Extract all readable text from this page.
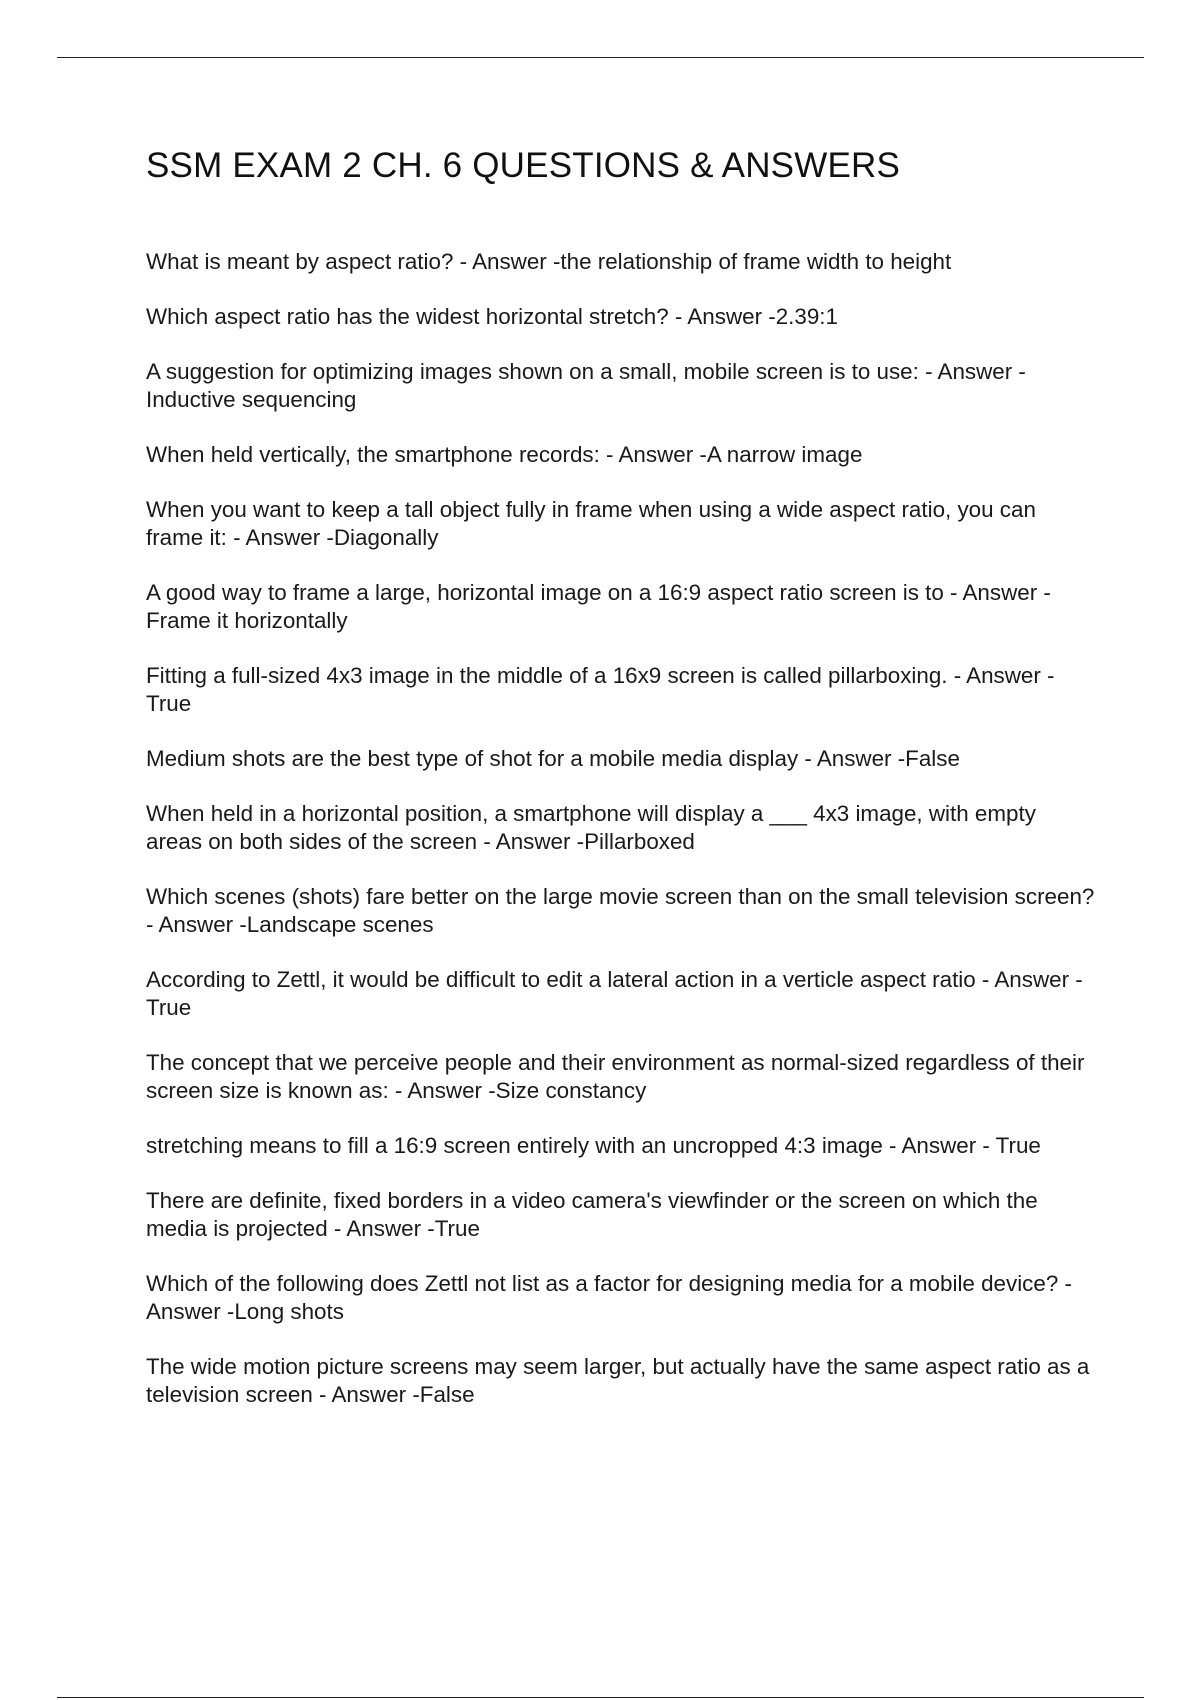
SSM EXAM 2 CH. 6 QUESTIONS & ANSWERS

What is meant by aspect ratio? - Answer -the relationship of frame width to height

Which aspect ratio has the widest horizontal stretch? - Answer -2.39:1

A suggestion for optimizing images shown on a small, mobile screen is to use: - Answer -Inductive sequencing

When held vertically, the smartphone records: - Answer -A narrow image

When you want to keep a tall object fully in frame when using a wide aspect ratio, you can frame it: - Answer -Diagonally

A good way to frame a large, horizontal image on a 16:9 aspect ratio screen is to - Answer -Frame it horizontally

Fitting a full-sized 4x3 image in the middle of a 16x9 screen is called pillarboxing. - Answer -True

Medium shots are the best type of shot for a mobile media display - Answer -False

When held in a horizontal position, a smartphone will display a ___ 4x3 image, with empty areas on both sides of the screen - Answer -Pillarboxed

Which scenes (shots) fare better on the large movie screen than on the small television screen? - Answer -Landscape scenes

According to Zettl, it would be difficult to edit a lateral action in a verticle aspect ratio - Answer -True

The concept that we perceive people and their environment as normal-sized regardless of their screen size is known as: - Answer -Size constancy

stretching means to fill a 16:9 screen entirely with an uncropped 4:3 image - Answer - True

There are definite, fixed borders in a video camera's viewfinder or the screen on which the media is projected - Answer -True

Which of the following does Zettl not list as a factor for designing media for a mobile device? - Answer -Long shots

The wide motion picture screens may seem larger, but actually have the same aspect ratio as a television screen - Answer -False
